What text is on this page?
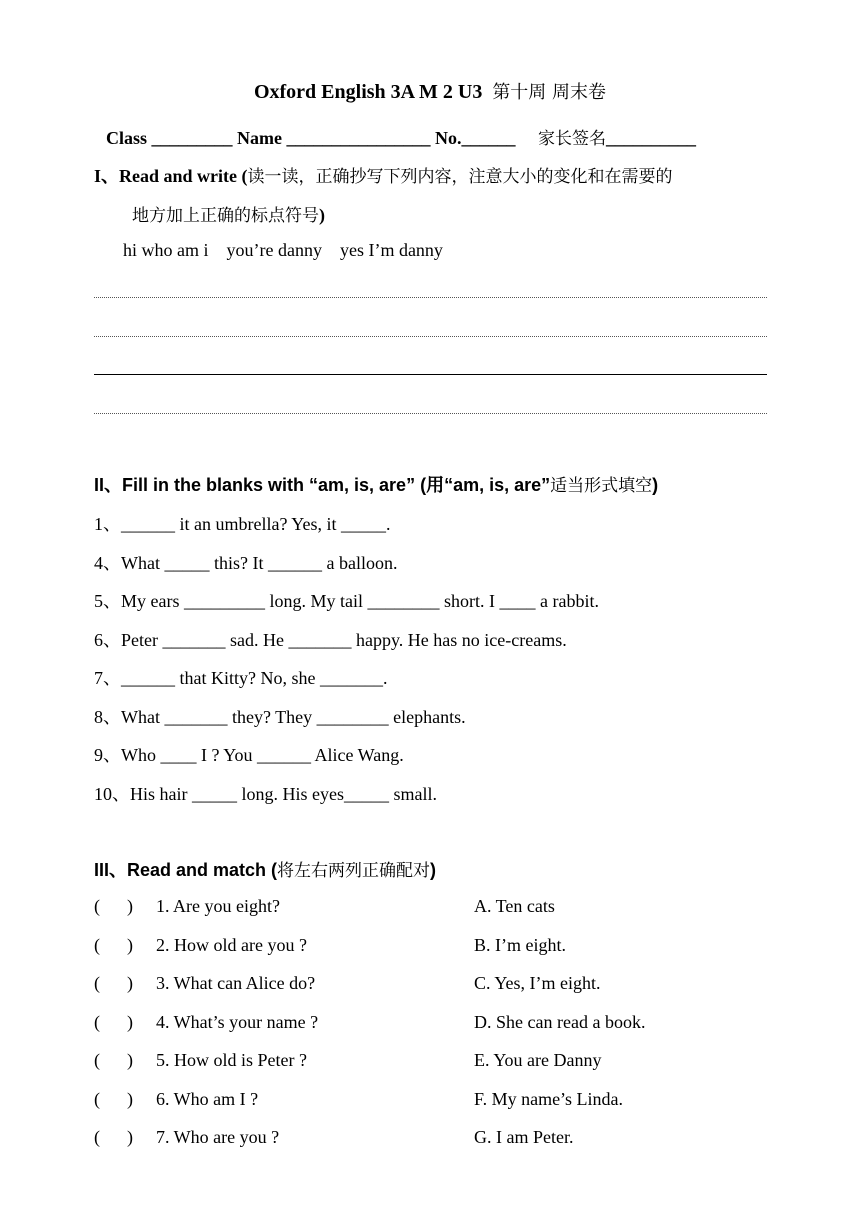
Oxford English 3A M 2 U3 第十周 周末卷
Class _________ Name ________________ No.______ 家长签名__________
I、Read and write (读一读，正确抄写下列内容，注意大小的变化和在需要的
地方加上正确的标点符号)
hi who am i    you’re danny    yes I’m danny
II、Fill in the blanks with “am, is, are” (用“am, is, are”适当形式填空)
1、______ it an umbrella? Yes, it _____.
4、What _____ this? It ______ a balloon.
5、My ears _________ long. My tail ________ short. I ____ a rabbit.
6、Peter _______ sad. He _______ happy. He has no ice-creams.
7、______ that Kitty? No, she _______.
8、What _______ they? They ________ elephants.
9、Who ____ I ? You ______ Alice Wang.
10、His hair _____ long. His eyes_____ small.
III、Read and match (将左右两列正确配对)
(      ) 1. Are you eight?	A. Ten cats
(      ) 2. How old are you ?	B. I’m eight.
(      ) 3. What can Alice do?	C. Yes, I’m eight.
(      ) 4. What’s your name ?	D. She can read a book.
(      ) 5. How old is Peter ?	E. You are Danny
(      ) 6. Who am I ?	F. My name’s Linda.
(      ) 7. Who are you ?	G. I am Peter.
